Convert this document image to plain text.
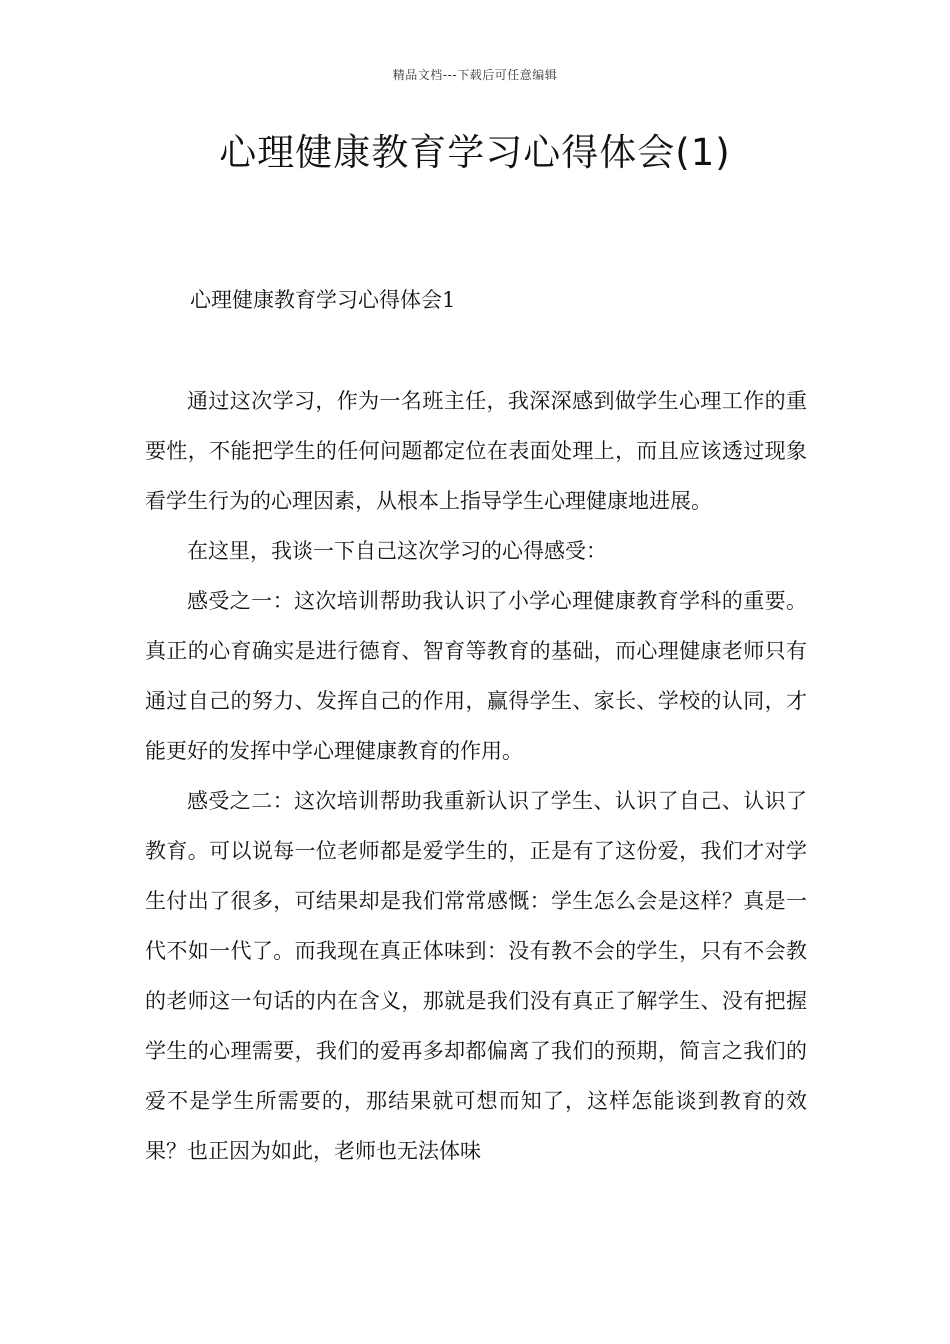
精品文档---下载后可任意编辑
心理健康教育学习心得体会(1)

心理健康教育学习心得体会1

通过这次学习，作为一名班主任，我深深感到做学生心理工作的重要性，不能把学生的任何问题都定位在表面处理上，而且应该透过现象看学生行为的心理因素，从根本上指导学生心理健康地进展。

在这里，我谈一下自己这次学习的心得感受：

感受之一：这次培训帮助我认识了小学心理健康教育学科的重要。真正的心育确实是进行德育、智育等教育的基础，而心理健康老师只有通过自己的努力、发挥自己的作用，赢得学生、家长、学校的认同，才能更好的发挥中学心理健康教育的作用。

感受之二：这次培训帮助我重新认识了学生、认识了自己、认识了教育。可以说每一位老师都是爱学生的，正是有了这份爱，我们才对学生付出了很多，可结果却是我们常常感慨：学生怎么会是这样？真是一代不如一代了。而我现在真正体味到：没有教不会的学生，只有不会教的老师这一句话的内在含义，那就是我们没有真正了解学生、没有把握学生的心理需要，我们的爱再多却都偏离了我们的预期，简言之我们的爱不是学生所需要的，那结果就可想而知了，这样怎能谈到教育的效果？也正因为如此，老师也无法体味
